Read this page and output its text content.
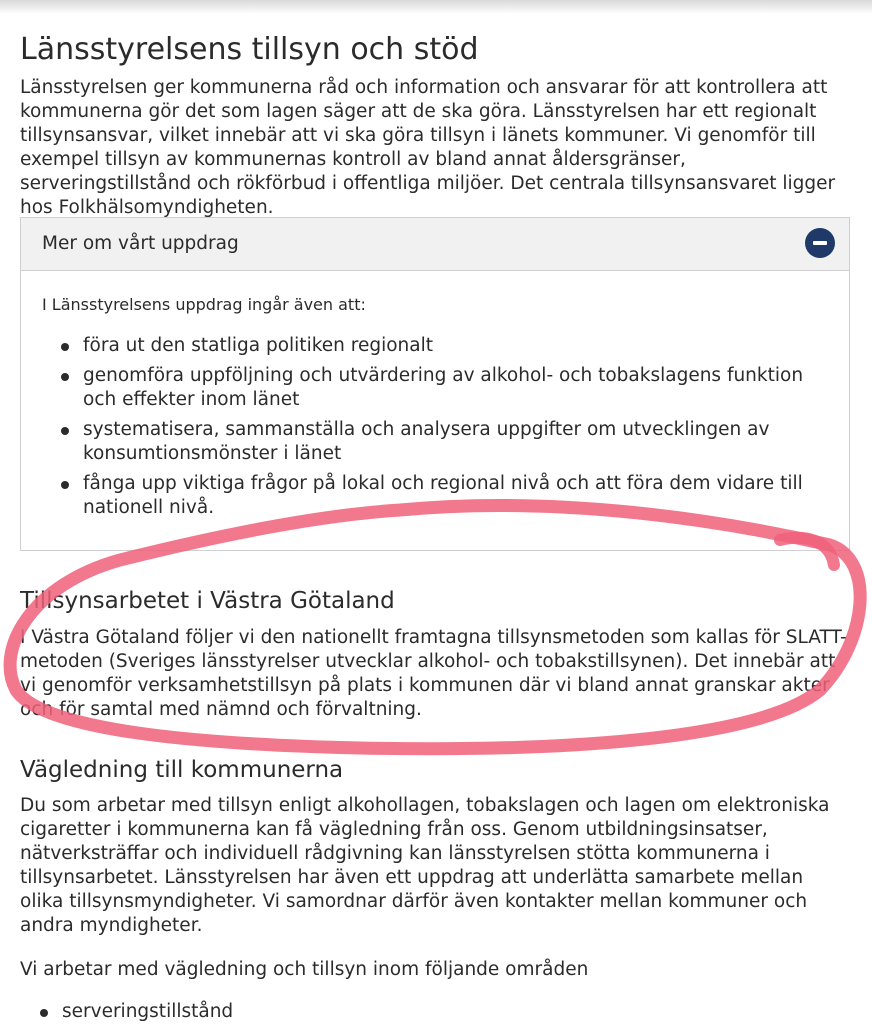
Länsstyrelsens tillsyn och stöd

Länsstyrelsen ger kommunerna råd och information och ansvarar för att kontrollera att kommunerna gör det som lagen säger att de ska göra. Länsstyrelsen har ett regionalt tillsynsansvar, vilket innebär att vi ska göra tillsyn i länets kommuner. Vi genomför till exempel tillsyn av kommunernas kontroll av bland annat åldersgränser, serveringstillstånd och rökförbud i offentliga miljöer. Det centrala tillsynsansvaret ligger hos Folkhälsomyndigheten.

Mer om vårt uppdrag

I Länsstyrelsens uppdrag ingår även att:

föra ut den statliga politiken regionalt
genomföra uppföljning och utvärdering av alkohol- och tobakslagens funktion och effekter inom länet
systematisera, sammanställa och analysera uppgifter om utvecklingen av konsumtionsmönster i länet
fånga upp viktiga frågor på lokal och regional nivå och att föra dem vidare till nationell nivå.
Tillsynsarbetet i Västra Götaland

I Västra Götaland följer vi den nationellt framtagna tillsynsmetoden som kallas för SLATT-metoden (Sveriges länsstyrelser utvecklar alkohol- och tobakstillsynen). Det innebär att vi genomför verksamhetstillsyn på plats i kommunen där vi bland annat granskar akter och för samtal med nämnd och förvaltning.

Vägledning till kommunerna

Du som arbetar med tillsyn enligt alkohollagen, tobakslagen och lagen om elektroniska cigaretter i kommunerna kan få vägledning från oss. Genom utbildningsinsatser, nätverksträffar och individuell rådgivning kan länsstyrelsen stötta kommunerna i tillsynsarbetet. Länsstyrelsen har även ett uppdrag att underlätta samarbete mellan olika tillsynsmyndigheter. Vi samordnar därför även kontakter mellan kommuner och andra myndigheter.

Vi arbetar med vägledning och tillsyn inom följande områden

serveringstillstånd
